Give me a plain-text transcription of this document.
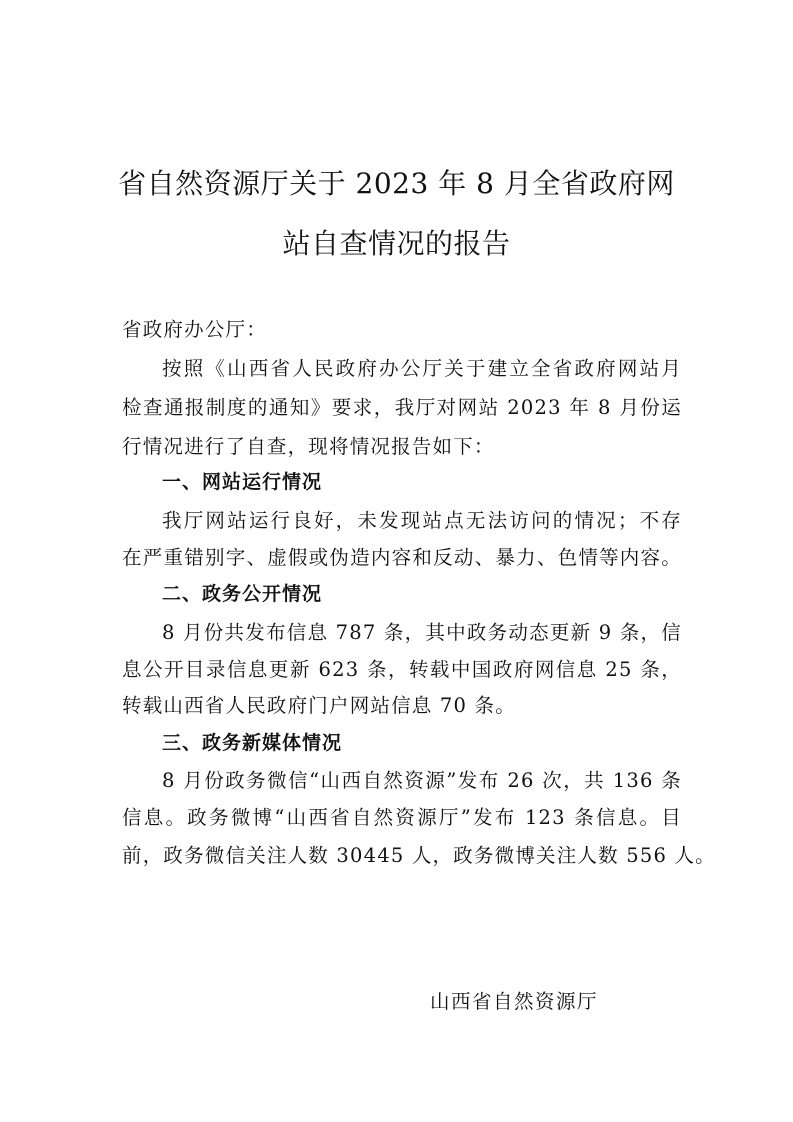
省自然资源厅关于 2023 年 8 月全省政府网
站自查情况的报告
省政府办公厅：
按照《山西省人民政府办公厅关于建立全省政府网站月
检查通报制度的通知》要求，我厅对网站 2023 年 8 月份运
行情况进行了自查，现将情况报告如下：
一、网站运行情况
我厅网站运行良好，未发现站点无法访问的情况；不存
在严重错别字、虚假或伪造内容和反动、暴力、色情等内容。
二、政务公开情况
8 月份共发布信息 787 条，其中政务动态更新 9 条，信
息公开目录信息更新 623 条，转载中国政府网信息 25 条，
转载山西省人民政府门户网站信息 70 条。
三、政务新媒体情况
8 月份政务微信“山西自然资源”发布 26 次，共 136 条
信息。政务微博“山西省自然资源厅”发布 123 条信息。目
前，政务微信关注人数 30445 人，政务微博关注人数 556 人。
山西省自然资源厅
